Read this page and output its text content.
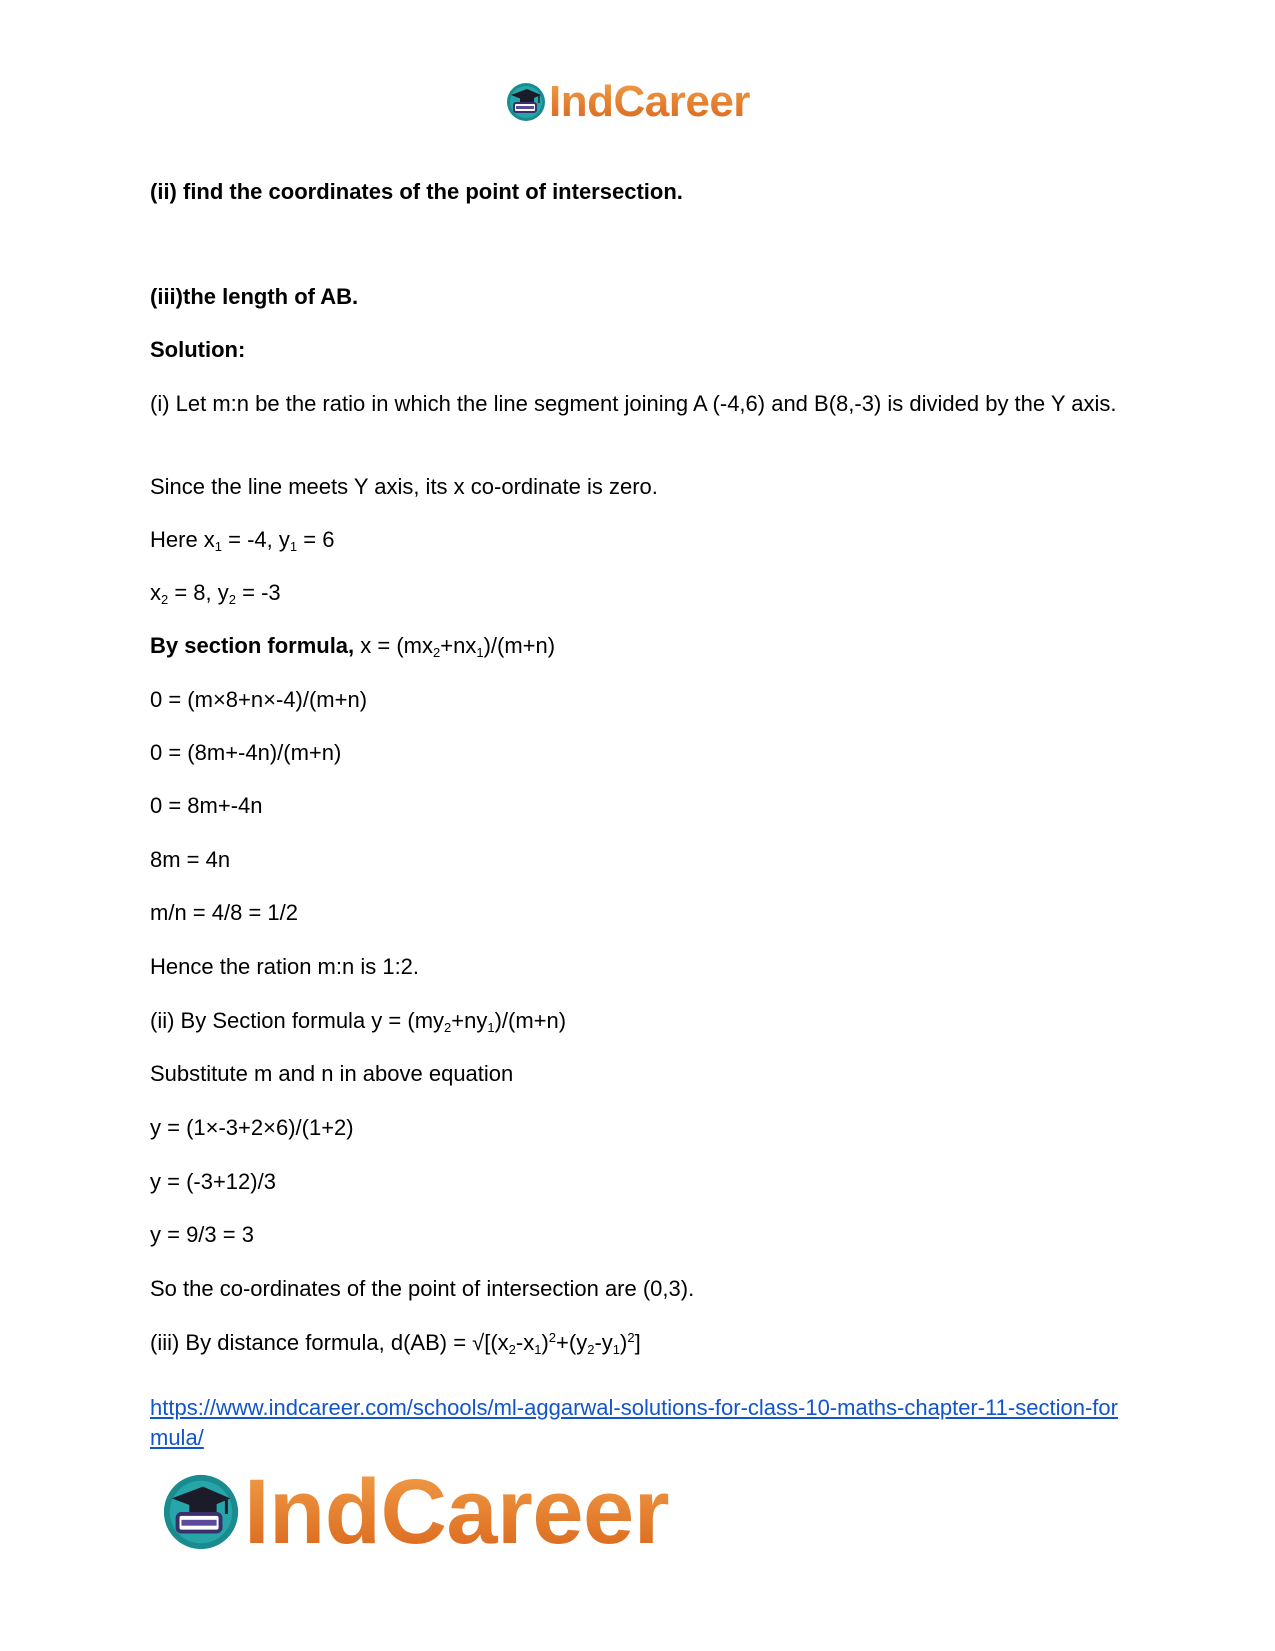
IndCareer

(ii) find the coordinates of the point of intersection.

(iii)the length of AB.

Solution:

(i) Let m:n be the ratio in which the line segment joining A (-4,6) and B(8,-3) is divided by the Y axis.

Since the line meets Y axis, its x co-ordinate is zero.

Here $x_1 = -4$, $y_1 = 6$

$x_2 = 8$, $y_2 = -3$

By section formula, $x = (mx_2+nx_1)/(m+n)$

0 = (m×8+n×-4)/(m+n)

0 = (8m+-4n)/(m+n)

0 = 8m+-4n

8m = 4n

m/n = 4/8 = 1/2

Hence the ration m:n is 1:2.

(ii) By Section formula $y = (my_2+ny_1)/(m+n)$

Substitute m and n in above equation

y = (1×-3+2×6)/(1+2)

y = (-3+12)/3

y = 9/3 = 3

So the co-ordinates of the point of intersection are (0,3).

(iii) By distance formula, $d(AB) = √[(x_2-x_1)^2+(y_2-y_1)^2]$

https://www.indcareer.com/schools/ml-aggarwal-solutions-for-class-10-maths-chapter-11-section-formula/
IndCareer
